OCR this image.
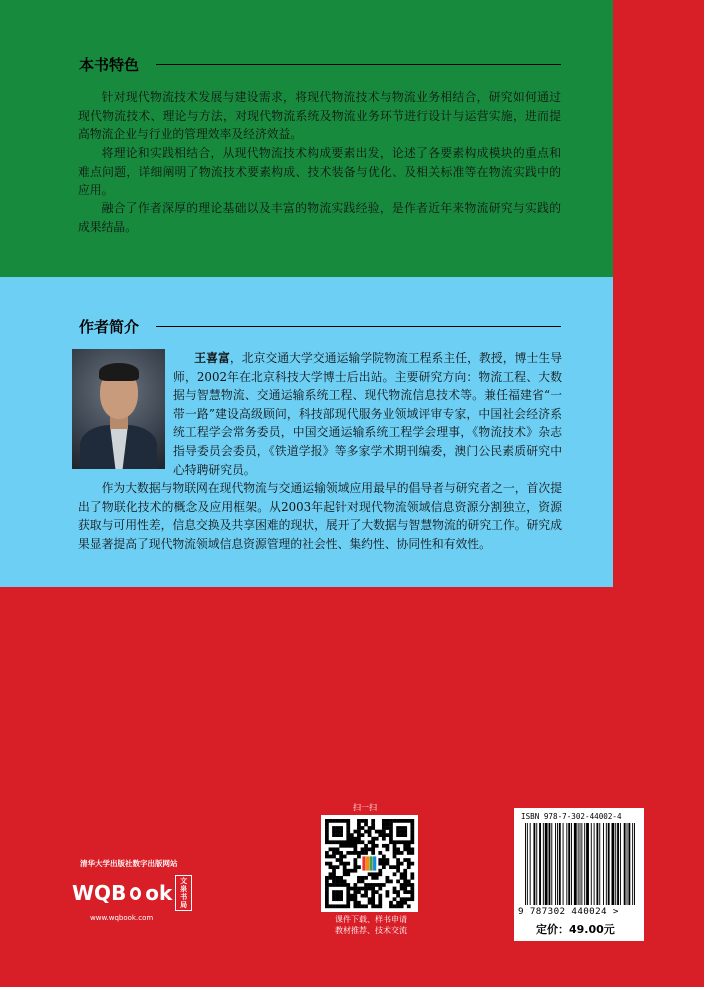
本书特色

针对现代物流技术发展与建设需求，将现代物流技术与物流业务相结合，研究如何通过现代物流技术、理论与方法，对现代物流系统及物流业务环节进行设计与运营实施，进而提高物流企业与行业的管理效率及经济效益。

将理论和实践相结合，从现代物流技术构成要素出发，论述了各要素构成模块的重点和难点问题，详细阐明了物流技术要素构成、技术装备与优化、及相关标准等在物流实践中的应用。

融合了作者深厚的理论基础以及丰富的物流实践经验，是作者近年来物流研究与实践的成果结晶。

作者简介

王喜富，北京交通大学交通运输学院物流工程系主任，教授，博士生导师，2002年在北京科技大学博士后出站。主要研究方向：物流工程、大数据与智慧物流、交通运输系统工程、现代物流信息技术等。兼任福建省“一带一路”建设高级顾问，科技部现代服务业领域评审专家，中国社会经济系统工程学会常务委员，中国交通运输系统工程学会理事，《物流技术》杂志指导委员会委员，《铁道学报》等多家学术期刊编委，澳门公民素质研究中心特聘研究员。

作为大数据与物联网在现代物流与交通运输领域应用最早的倡导者与研究者之一，首次提出了物联化技术的概念及应用框架。从2003年起针对现代物流领域信息资源分割独立，资源获取与可用性差，信息交换及共享困难的现状，展开了大数据与智慧物流的研究工作。研究成果显著提高了现代物流领域信息资源管理的社会性、集约性、协同性和有效性。

清华大学出版社数字出版网站
WQB ok	文泉
书局
www.wqbook.com
扫一扫
课件下载、样书申请
教材推荐、技术交流
ISBN 978-7-302-44002-4
9 787302 440024 >
定价：49.00元
